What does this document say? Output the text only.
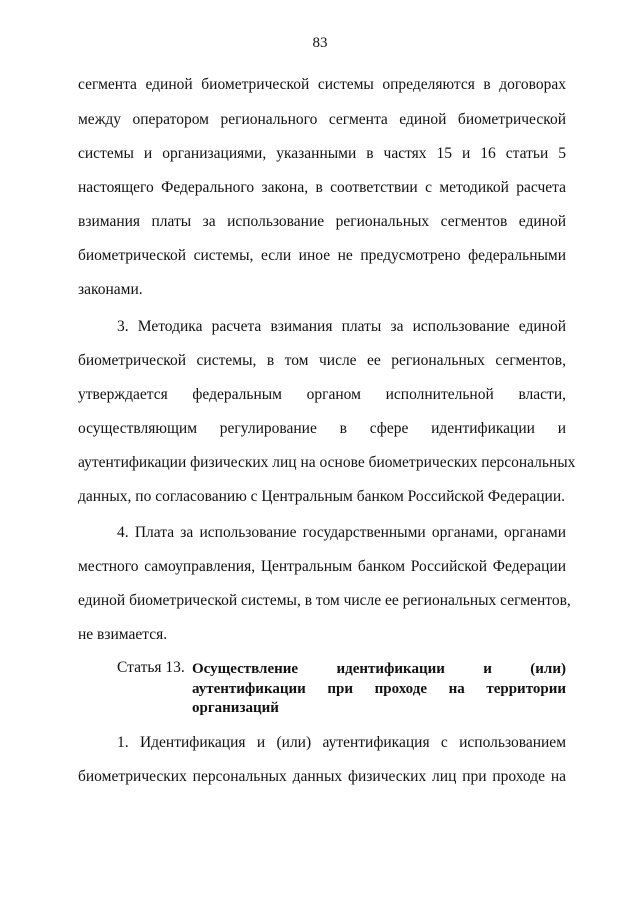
83
сегмента единой биометрической системы определяются в договорах
между оператором регионального сегмента единой биометрической
системы и организациями, указанными в частях 15 и 16 статьи 5
настоящего Федерального закона, в соответствии с методикой расчета
взимания платы за использование региональных сегментов единой
биометрической системы, если иное не предусмотрено федеральными
законами.
3. Методика расчета взимания платы за использование единой
биометрической системы, в том числе ее региональных сегментов,
утверждается федеральным органом исполнительной власти,
осуществляющим регулирование в сфере идентификации и
аутентификации физических лиц на основе биометрических персональных
данных, по согласованию с Центральным банком Российской Федерации.
4. Плата за использование государственными органами, органами
местного самоуправления, Центральным банком Российской Федерации
единой биометрической системы, в том числе ее региональных сегментов,
не взимается.
Статья 13. Осуществление идентификации и (или)
аутентификации при проходе на территории
организаций
1. Идентификация и (или) аутентификация с использованием
биометрических персональных данных физических лиц при проходе на
